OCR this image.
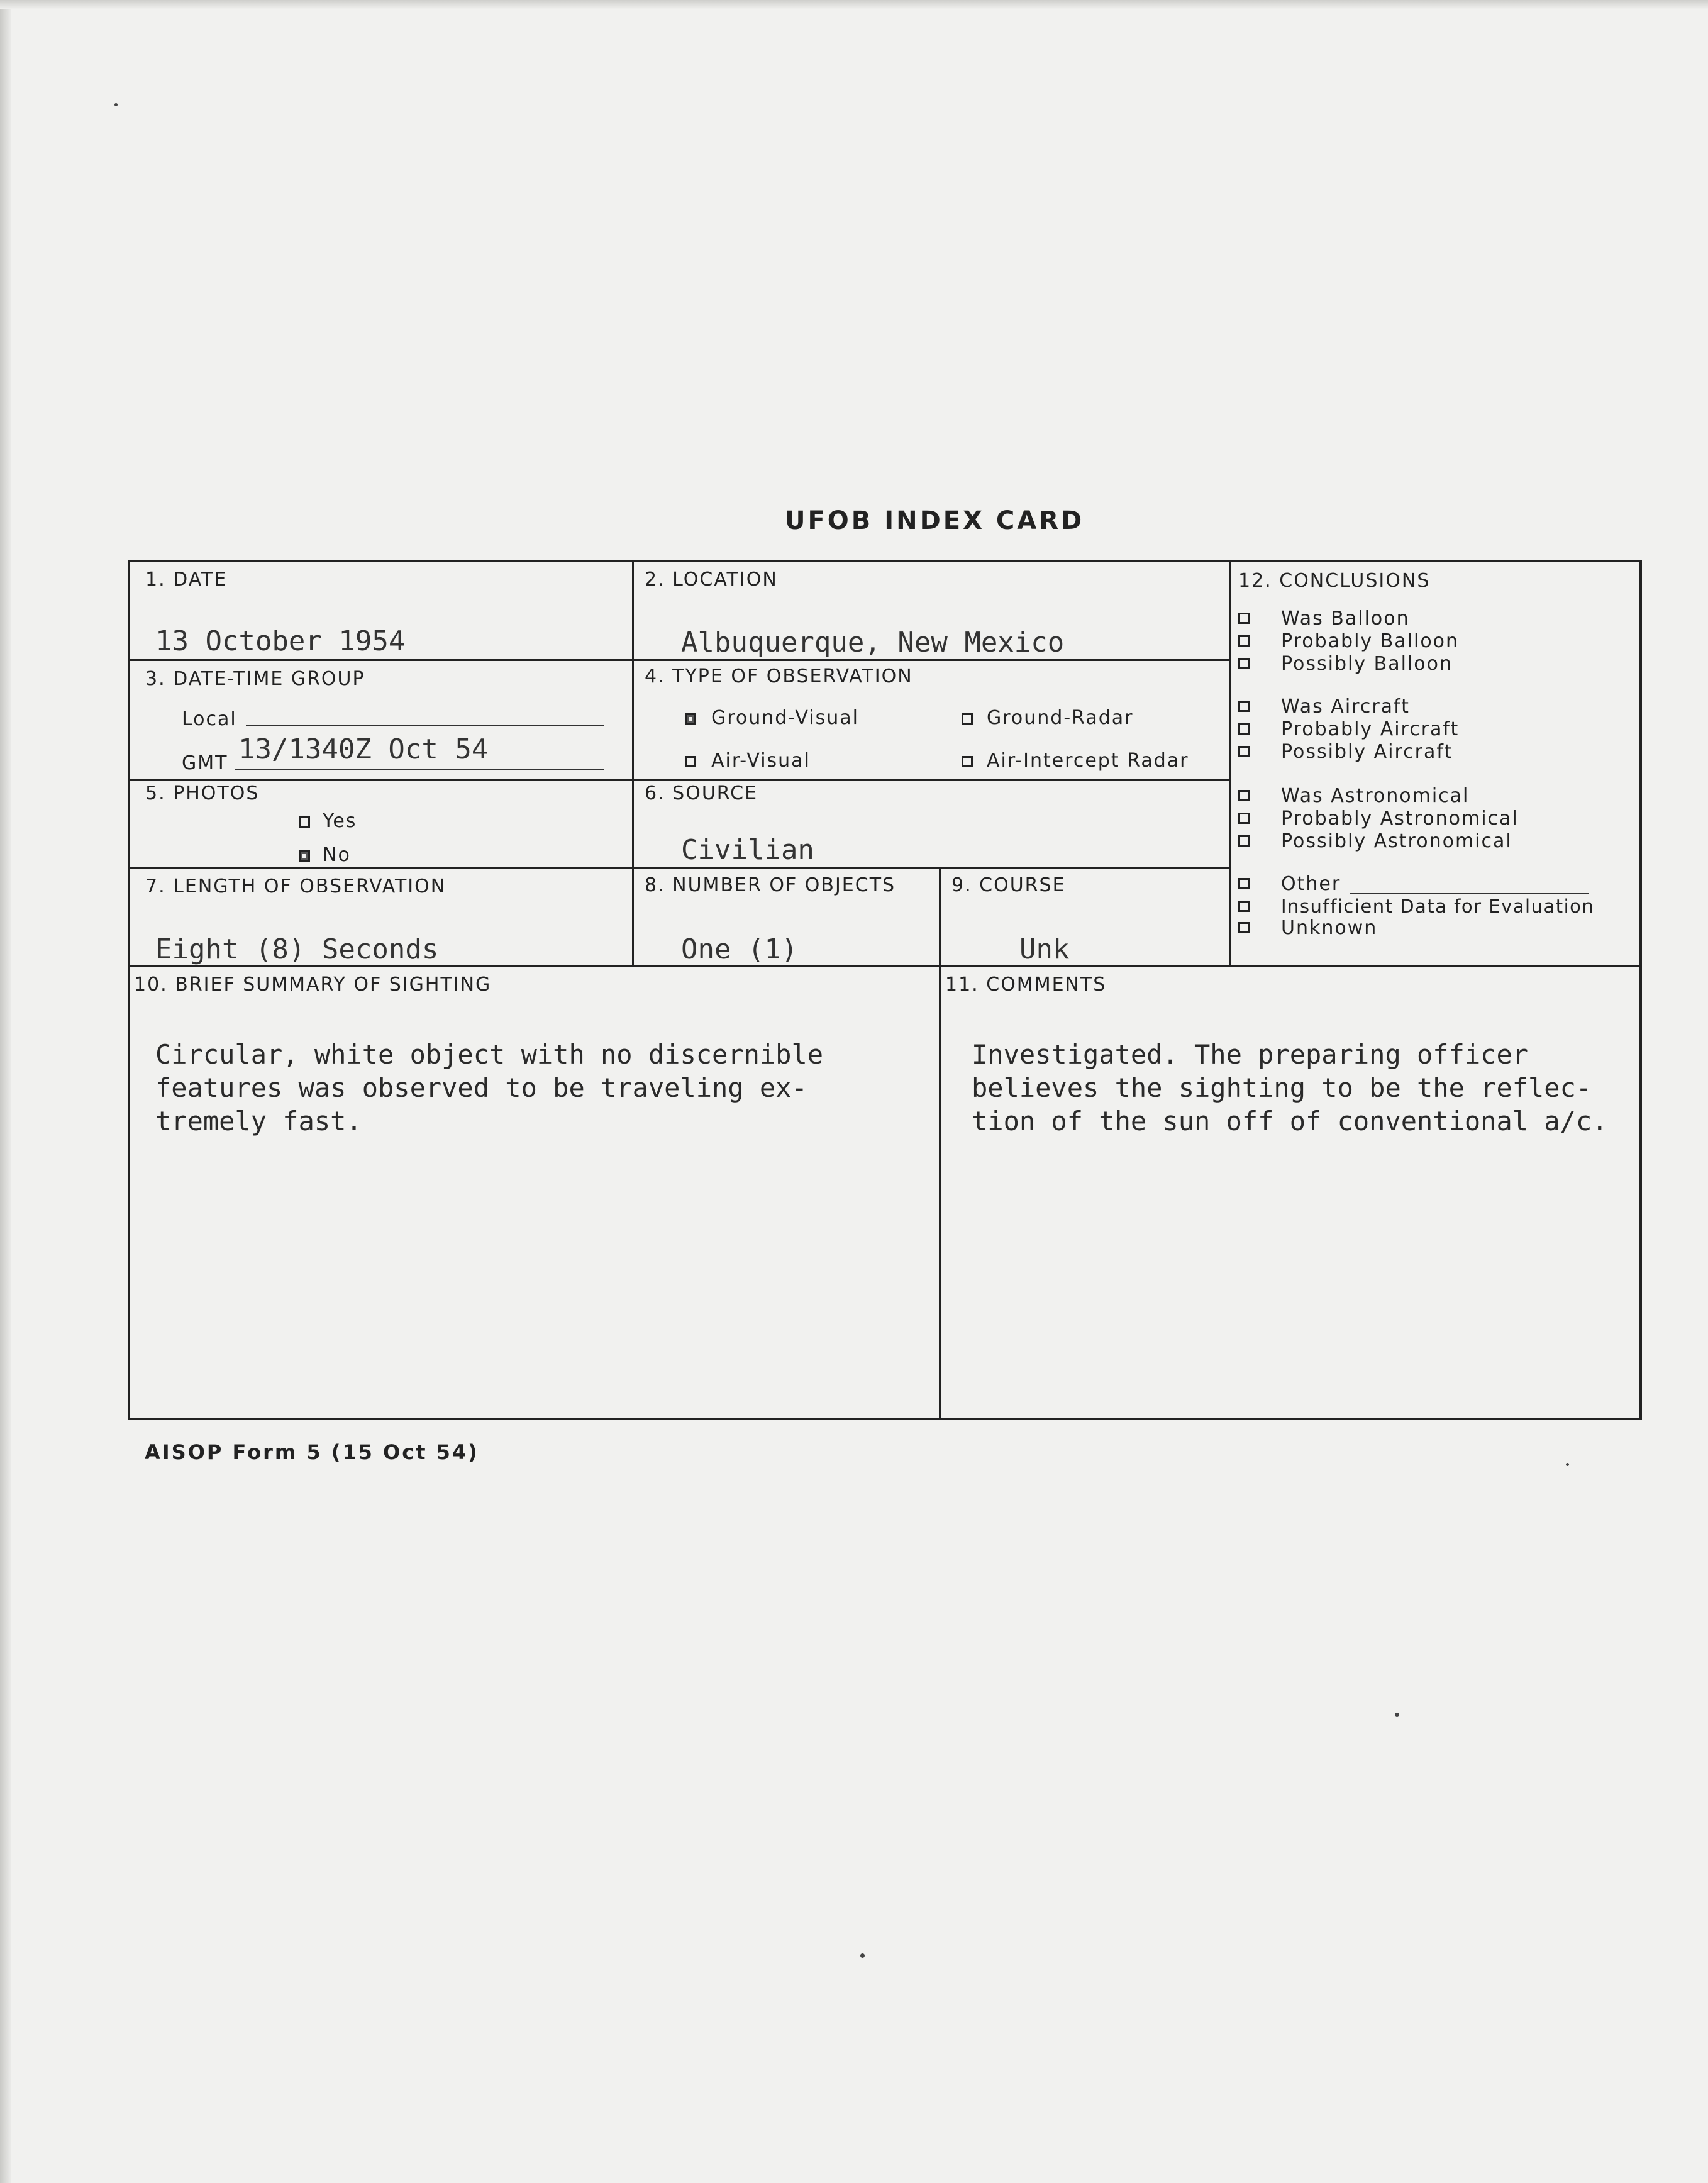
UFOB INDEX CARD
1. DATE
13 October 1954
2. LOCATION
Albuquerque, New Mexico
3. DATE-TIME GROUP
Local
GMT 13/1340Z Oct 54
4. TYPE OF OBSERVATION
Ground-Visual	Ground-Radar
Air-Visual	Air-Intercept Radar
5. PHOTOS
Yes
No
6. SOURCE
Civilian
7. LENGTH OF OBSERVATION
Eight (8) Seconds
8. NUMBER OF OBJECTS
One (1)
9. COURSE
Unk
10. BRIEF SUMMARY OF SIGHTING
Circular, white object with no discernible
features was observed to be traveling ex-
tremely fast.
11. COMMENTS
Investigated. The preparing officer
believes the sighting to be the reflec-
tion of the sun off of conventional a/c.
12. CONCLUSIONS
Was Balloon
Probably Balloon
Possibly Balloon
Was Aircraft
Probably Aircraft
Possibly Aircraft
Was Astronomical
Probably Astronomical
Possibly Astronomical
Other
Insufficient Data for Evaluation
Unknown
AISOP Form 5 (15 Oct 54)
